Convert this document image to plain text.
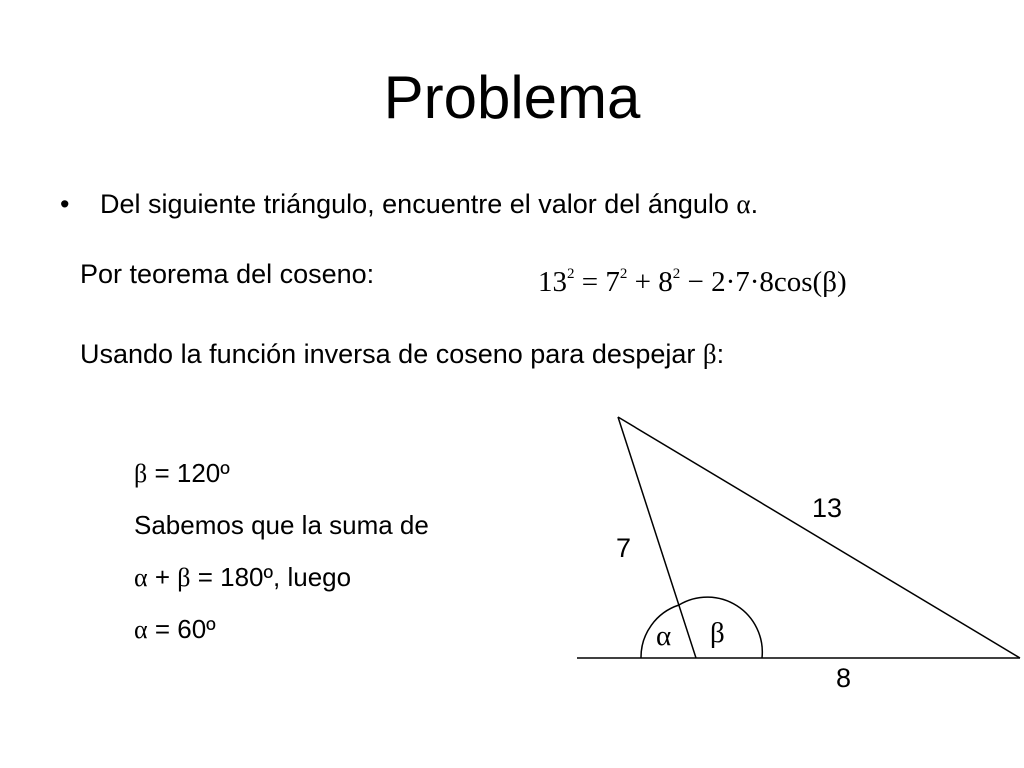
Problema
• Del siguiente triángulo, encuentre el valor del ángulo α.
Por teorema del coseno:	$13^2 = 7^2 + 8^2 - 2\cdot 7\cdot 8\cos(\beta)$
Usando la función inversa de coseno para despejar β:
β = 120º
Sabemos que la suma de
α + β = 180º, luego
α = 60º
7
13
8
α β
